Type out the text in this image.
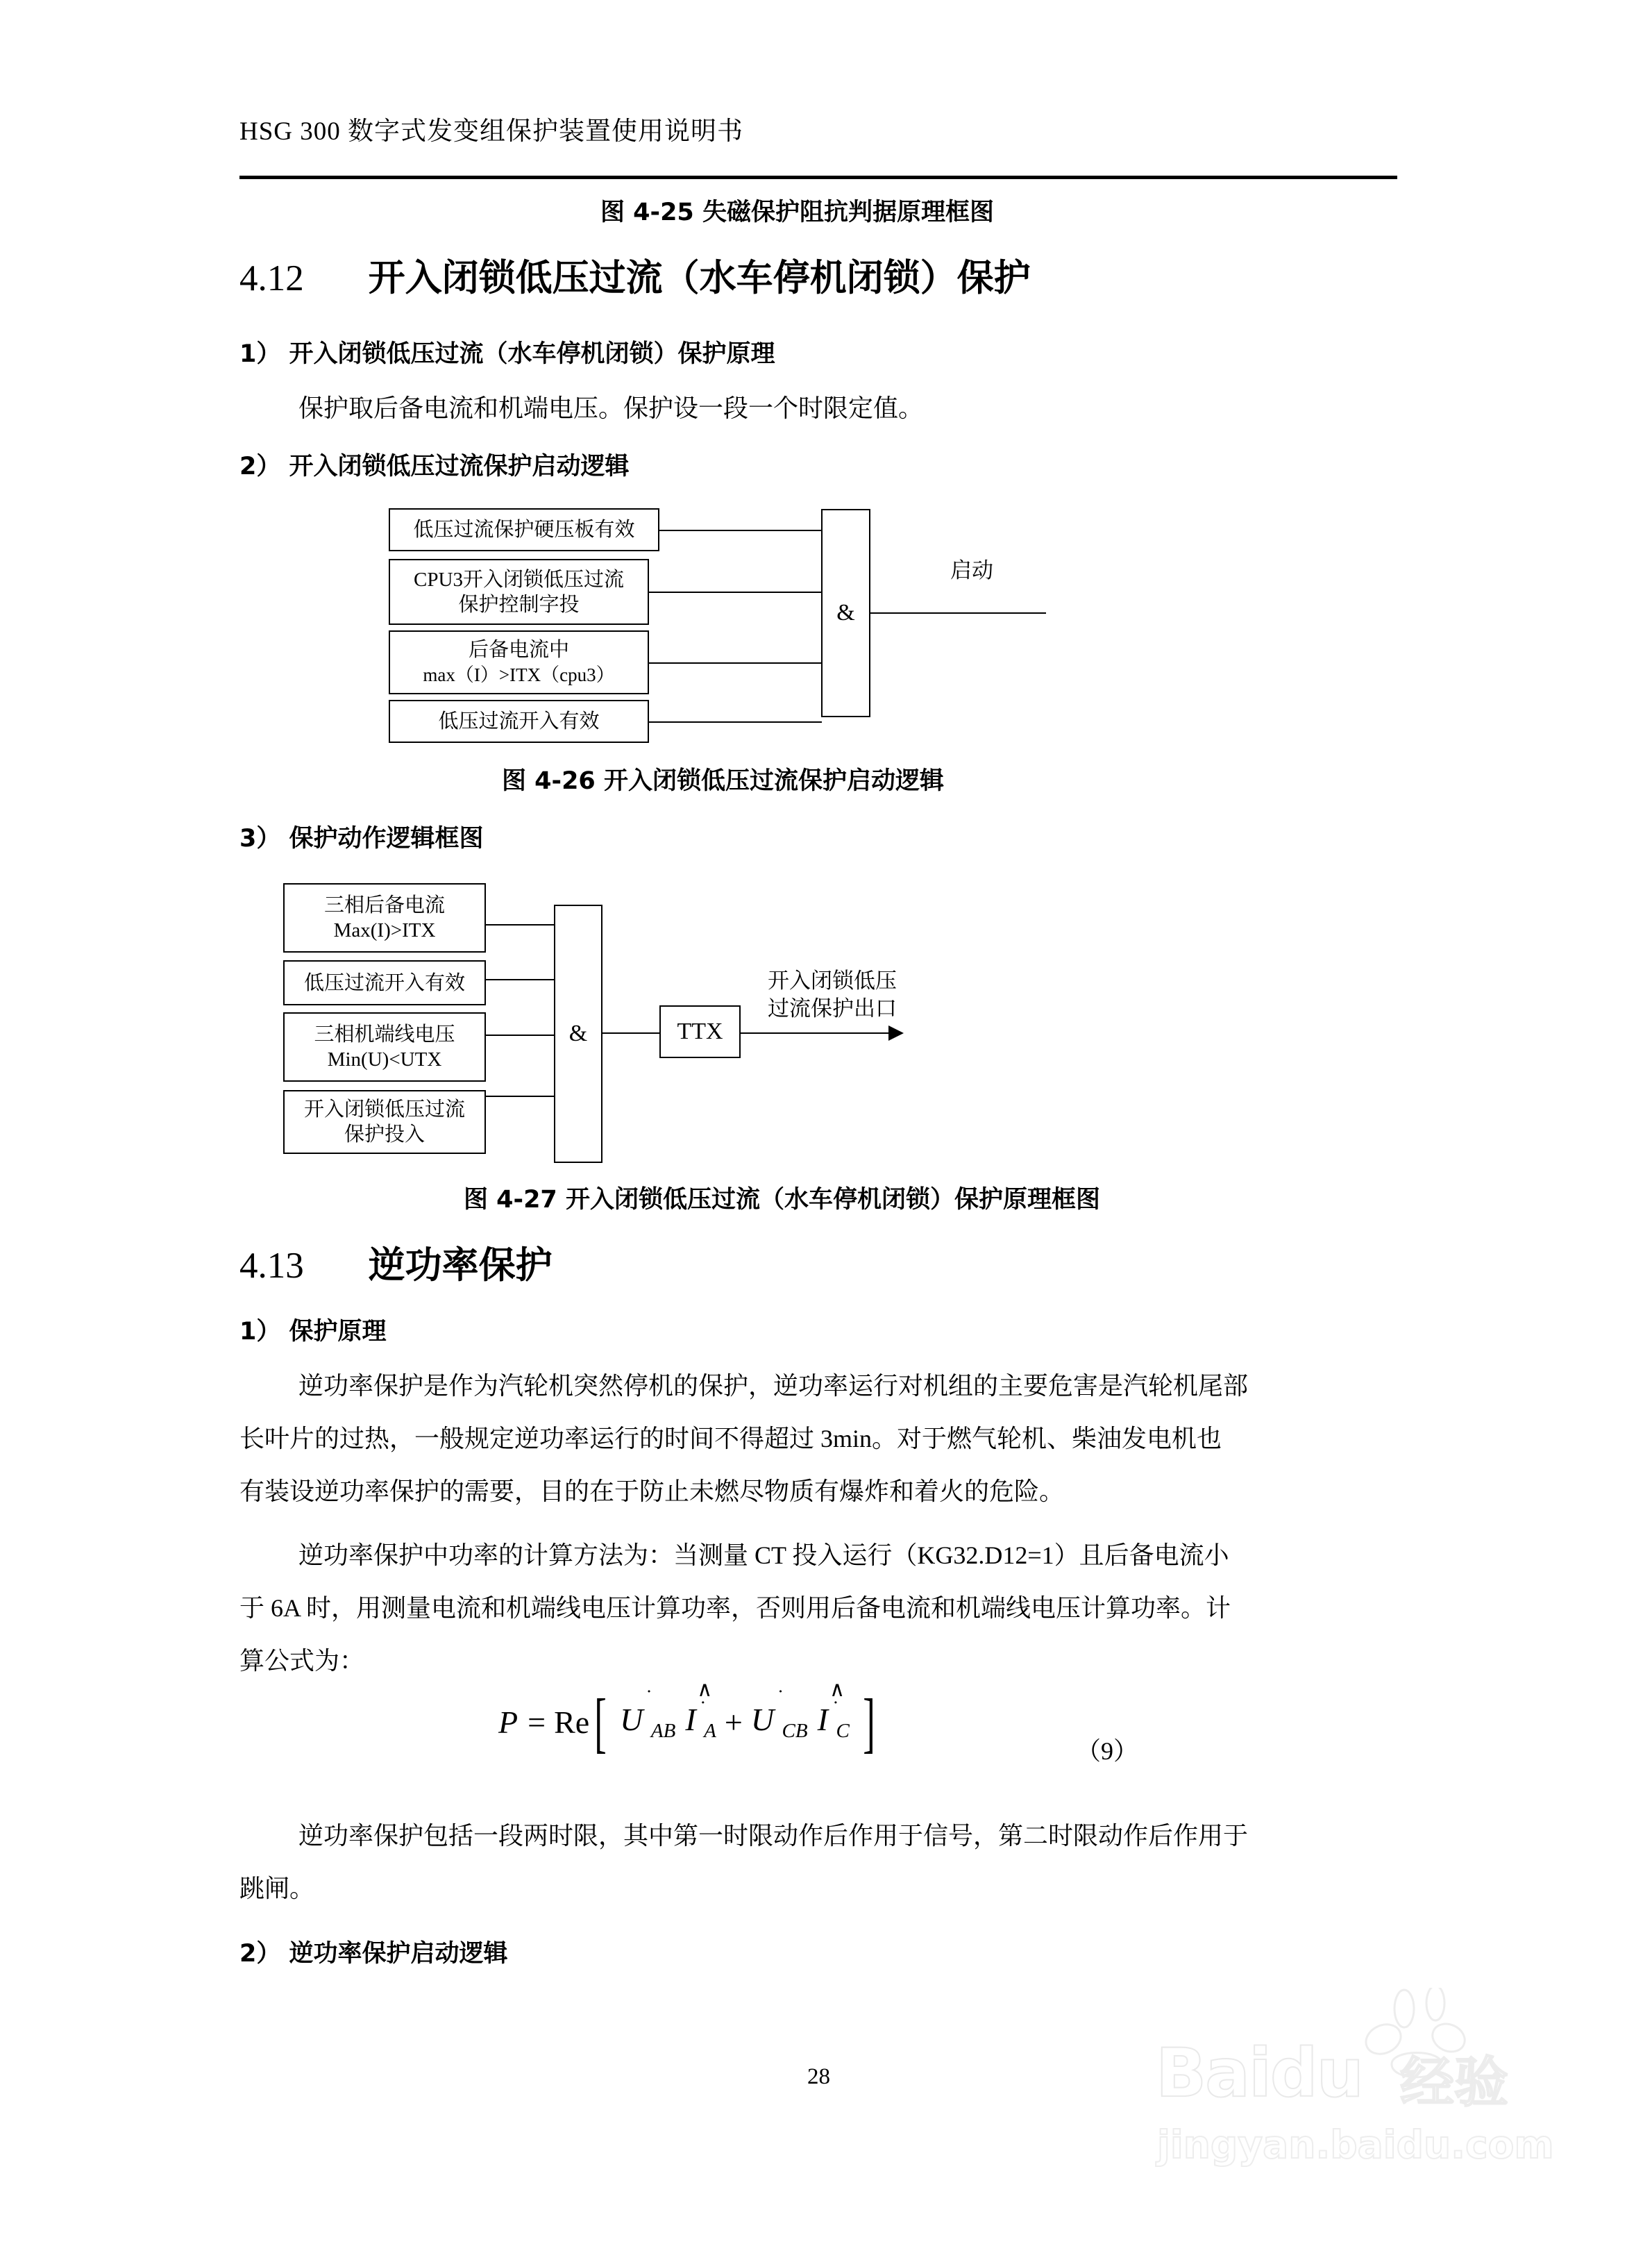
HSG 300 数字式发变组保护装置使用说明书
图 4-25 失磁保护阻抗判据原理框图
4.12 开入闭锁低压过流（水车停机闭锁）保护
1） 开入闭锁低压过流（水车停机闭锁）保护原理
保护取后备电流和机端电压。保护设一段一个时限定值。
2） 开入闭锁低压过流保护启动逻辑
低压过流保护硬压板有效
CPU3开入闭锁低压过流
保护控制字投
后备电流中
max（I）>ITX（cpu3）
低压过流开入有效
&
启动
图 4-26 开入闭锁低压过流保护启动逻辑
3） 保护动作逻辑框图
三相后备电流
Max(I)>ITX
低压过流开入有效
三相机端线电压
Min(U)<UTX
开入闭锁低压过流
保护投入
&	TTX
开入闭锁低压
过流保护出口
图 4-27 开入闭锁低压过流（水车停机闭锁）保护原理框图
4.13 逆功率保护
1） 保护原理
逆功率保护是作为汽轮机突然停机的保护，逆功率运行对机组的主要危害是汽轮机尾部
长叶片的过热，一般规定逆功率运行的时间不得超过 3min。对于燃气轮机、柴油发电机也
有装设逆功率保护的需要，目的在于防止未燃尽物质有爆炸和着火的危险。
逆功率保护中功率的计算方法为：当测量 CT 投入运行（KG32.D12=1）且后备电流小
于 6A 时，用测量电流和机端线电压计算功率，否则用后备电流和机端线电压计算功率。计
算公式为：
P = Re [ ˙
U $_{AB}$
∧
˙
I $_A$ +
˙
U $_{CB}$
∧
˙
I $_C$ ]	（9）
逆功率保护包括一段两时限，其中第一时限动作后作用于信号，第二时限动作后作用于
跳闸。
2） 逆功率保护启动逻辑
28	Baidu 经验
jingyan.baidu.com
